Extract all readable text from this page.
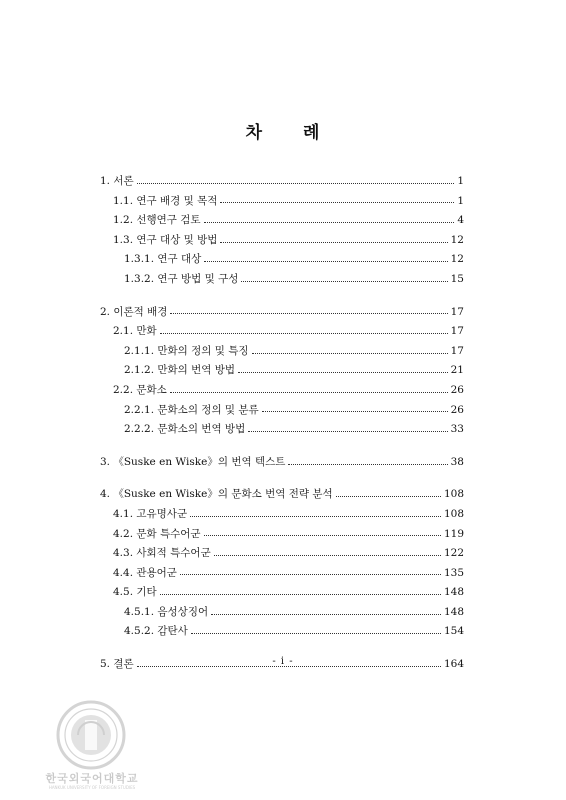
차 례
1. 서론	1
1.1. 연구 배경 및 목적	1
1.2. 선행연구 검토	4
1.3. 연구 대상 및 방법	12
1.3.1. 연구 대상	12
1.3.2. 연구 방법 및 구성	15
2. 이론적 배경	17
2.1. 만화	17
2.1.1. 만화의 정의 및 특징	17
2.1.2. 만화의 번역 방법	21
2.2. 문화소	26
2.2.1. 문화소의 정의 및 분류	26
2.2.2. 문화소의 번역 방법	33
3. 《Suske en Wiske》의 번역 텍스트	38
4. 《Suske en Wiske》의 문화소 번역 전략 분석	108
4.1. 고유명사군	108
4.2. 문화 특수어군	119
4.3. 사회적 특수어군	122
4.4. 관용어군	135
4.5. 기타	148
4.5.1. 음성상징어	148
4.5.2. 감탄사	154
5. 결론	164
- i -
한국외국어대학교
HANKUK UNIVERSITY OF FOREIGN STUDIES
